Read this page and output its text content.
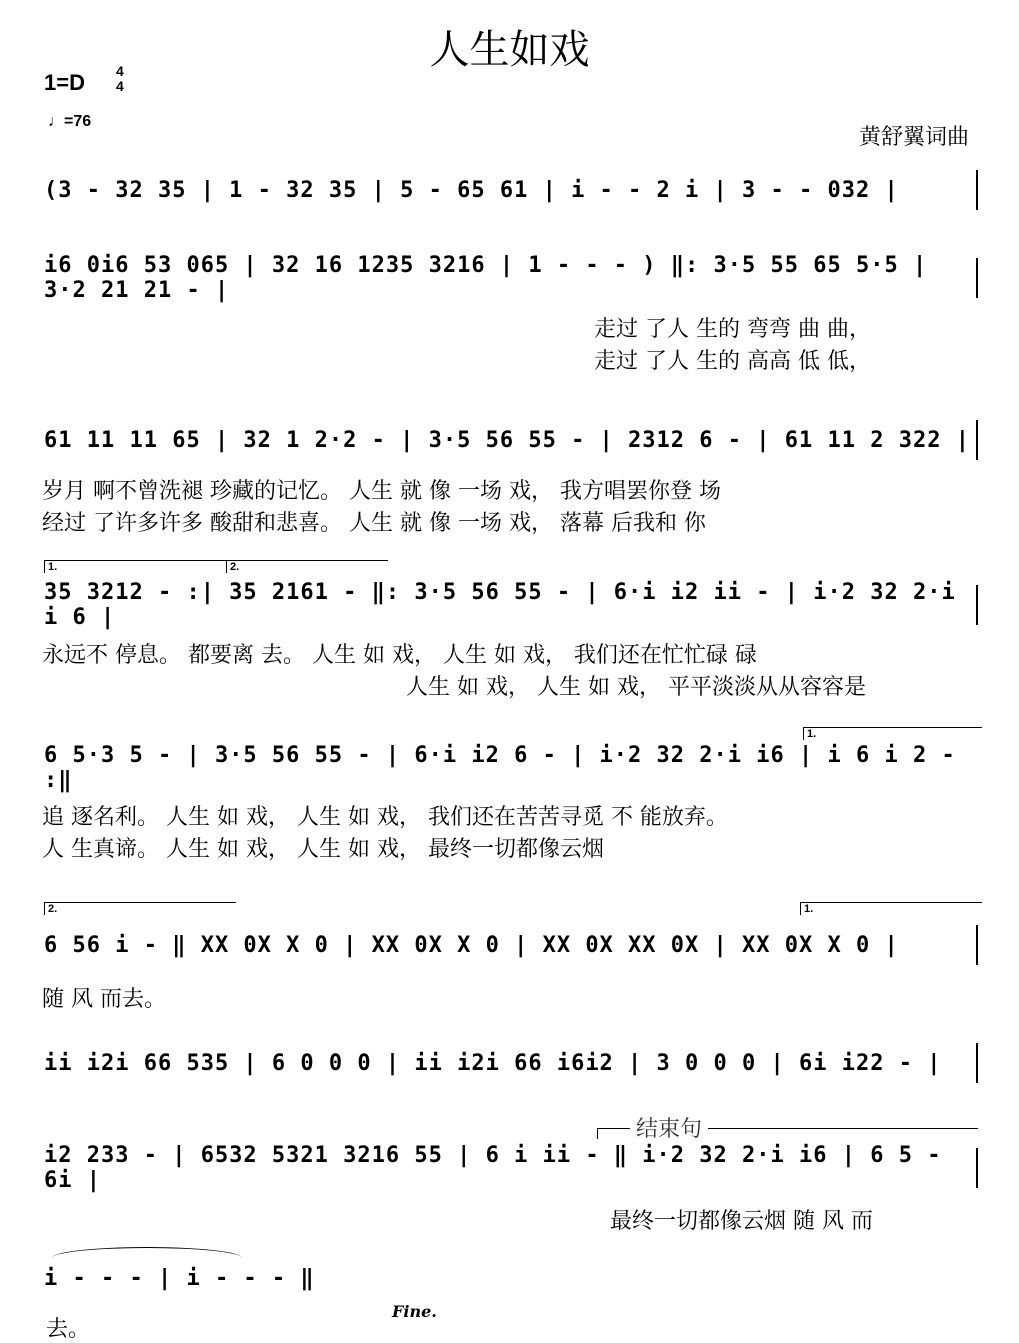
人生如戏
1=D 4
4
♩=76
黄舒翼词曲
(3 - 32 35 | 1 - 32 35 | 5 - 65 61 | i - - 2 i | 3 - - 032 |
i6 0i6 53 065 | 32 16 1235 3216 | 1 - - - ) ‖: 3·5 55 65 5·5 | 3·2 21 21 - |
走过 了人 生的 弯弯 曲 曲，
走过 了人 生的 高高 低 低，
61 11 11 65 | 32 1 2·2 - | 3·5 56 55 - | 2312 6 - | 61 11 2 322 |
岁月 啊不曾洗褪 珍藏的记忆。 人生 就 像 一场 戏， 我方唱罢你登 场
经过 了许多许多 酸甜和悲喜。 人生 就 像 一场 戏， 落幕 后我和 你
1.	2.
35 3212 - :| 35 2161 - ‖: 3·5 56 55 - | 6·i i2 ii - | i·2 32 2·i i 6 |
永远不 停息。 都要离 去。 人生 如 戏， 人生 如 戏， 我们还在忙忙碌 碌
人生 如 戏， 人生 如 戏， 平平淡淡从从容容是
1.
6 5·3 5 - | 3·5 56 55 - | 6·i i2 6 - | i·2 32 2·i i6 | i 6 i 2 - :‖
追 逐名利。 人生 如 戏， 人生 如 戏， 我们还在苦苦寻觅 不 能放弃。
人 生真谛。 人生 如 戏， 人生 如 戏， 最终一切都像云烟
2.	1.
6 56 i - ‖ XX 0X X 0 | XX 0X X 0 | XX 0X XX 0X | XX 0X X 0 |
随 风 而去。
ii i2i 66 535 | 6 0 0 0 | ii i2i 66 i6i2 | 3 0 0 0 | 6i i22 - |
结束句
i2 233 - | 6532 5321 3216 55 | 6 i ii - ‖ i·2 32 2·i i6 | 6 5 - 6i |
最终一切都像云烟 随 风 而
i - - - | i - - - ‖
去。
Fine.
